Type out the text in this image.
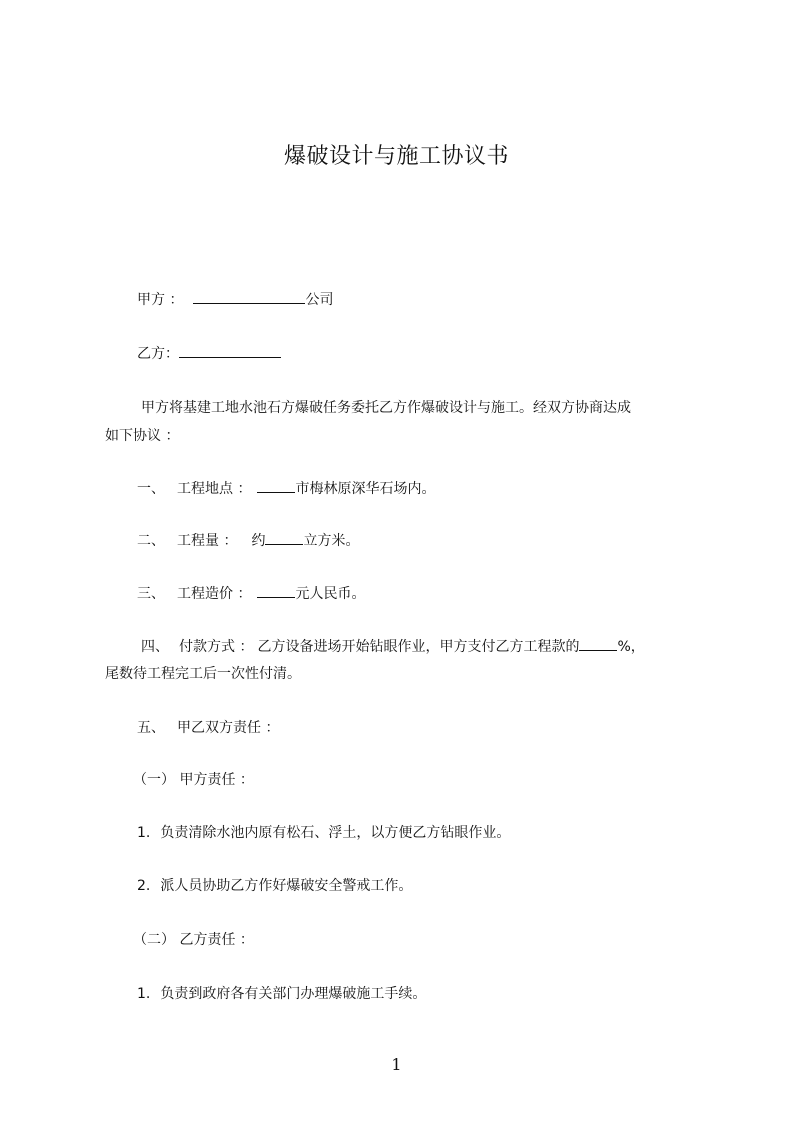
爆破设计与施工协议书
甲方 ：	公司
乙方：
甲方将基建工地水池石方爆破任务委托乙方作爆破设计与施工。经双方协商达成
如下协议 ：
一、 工程地点 ：	市梅林原深华石场内。
二、 工程量 ： 约	立方米。
三、 工程造价 ：	元人民币。
四、 付款方式 ： 乙方设备进场开始钻眼作业，甲方支付乙方工程款的	%，
尾数待工程完工后一次性付清。
五、 甲乙双方责任 ：
（一） 甲方责任 ：
1. 负责清除水池内原有松石、浮土，以方便乙方钻眼作业。
2. 派人员协助乙方作好爆破安全警戒工作。
（二） 乙方责任 ：
1. 负责到政府各有关部门办理爆破施工手续。
1
